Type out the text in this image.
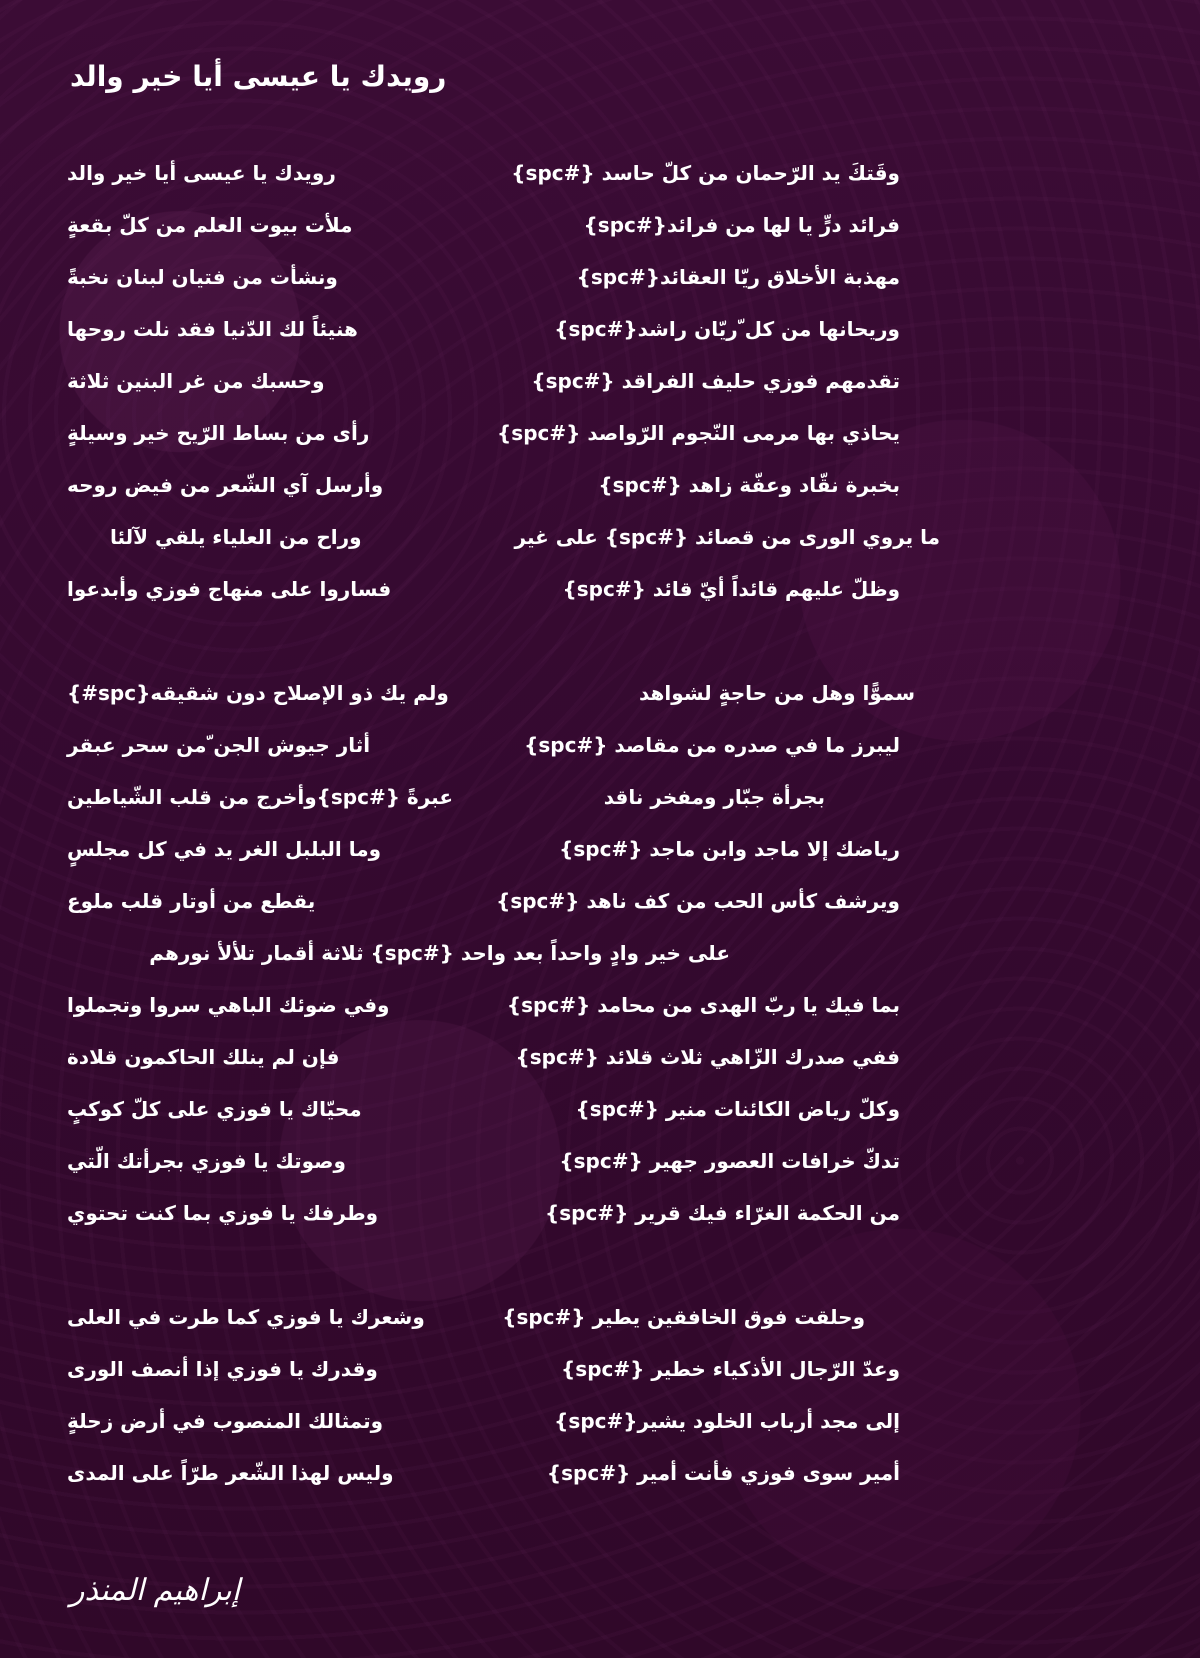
رويدك يا عيسى أيا خير والد
وقَتكَ يد الرّحمان من كلّ حاسد {#spc}
رويدك يا عيسى أيا خير والد
فرائد درٍّ يا لها من فرائد{#spc}
ملأت بيوت العلم من كلّ بقعةٍ
مهذبة الأخلاق ريّا العقائد{#spc}
ونشأت من فتيان لبنان نخبةً
وريحانها من كل ّريّان راشد{#spc}
هنيئاً لك الدّنيا فقد نلت روحها
تقدمهم فوزي حليف الفراقد {#spc}
وحسبك من غر البنين ثلاثة
يحاذي بها مرمى النّجوم الرّواصد {#spc}
رأى من بساط الرّيح خير وسيلةٍ
بخبرة نقّاد وعفّة زاهد {#spc}
وأرسل آي الشّعر من فيض روحه
ما يروي الورى من قصائد {#spc} على غير
وراح من العلياء يلقي لآلئا
وظلّ عليهم قائداً أيّ قائد {#spc}
فساروا على منهاج فوزي وأبدعوا
سموًّا وهل من حاجةٍ لشواهد
{#spc}ولم يك ذو الإصلاح دون شقيقه
ليبرز ما في صدره من مقاصد {#spc}
أثار جيوش الجن ّمن سحر عبقر
بجرأة جبّار ومفخر ناقد
عبرةً {#spc}وأخرج من قلب الشّياطين
رياضك إلا ماجد وابن ماجد {#spc}
وما البلبل الغر يد في كل مجلسٍ
ويرشف كأس الحب من كف ناهد {#spc}
يقطع من أوتار قلب ملوع
على خير وادٍ واحداً بعد واحد {#spc} ثلاثة أقمار تلألأ نورهم
بما فيك يا ربّ الهدى من محامد {#spc}
وفي ضوئك الباهي سروا وتجملوا
ففي صدرك الزّاهي ثلاث قلائد {#spc}
فإن لم ينلك الحاكمون قلادة
وكلّ رياض الكائنات منير {#spc}
محيّاك يا فوزي على كلّ كوكبٍ
تدكّ خرافات العصور جهير {#spc}
وصوتك يا فوزي بجرأتك الّتي
من الحكمة الغرّاء فيك قرير {#spc}
وطرفك يا فوزي بما كنت تحتوي
وحلقت فوق الخافقين يطير {#spc}
وشعرك يا فوزي كما طرت في العلى
وعدّ الرّجال الأذكياء خطير {#spc}
وقدرك يا فوزي إذا أنصف الورى
إلى مجد أرباب الخلود يشير{#spc}
وتمثالك المنصوب في أرض زحلةٍ
أمير سوى فوزي فأنت أمير {#spc}
وليس لهذا الشّعر طرّاً على المدى
إبراهيم المنذر
